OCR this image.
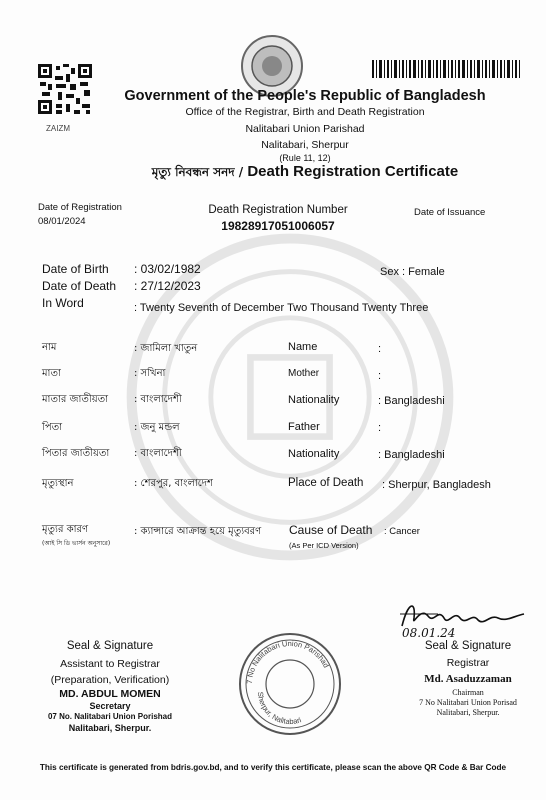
ZAIZM
Government of the People's Republic of Bangladesh
Office of the Registrar, Birth and Death Registration
Nalitabari Union Parishad
Nalitabari, Sherpur
(Rule 11, 12)
মৃত্যু নিবন্ধন সনদ / Death Registration Certificate
Date of Registration
08/01/2024
Death Registration Number
19828917051006057
Date of Issuance
Date of Birth : 03/02/1982	Sex : Female
Date of Death : 27/12/2023
In Word	: Twenty Seventh of December Two Thousand Twenty Three
নাম	: জামিলা খাতুন	Name	:
মাতা	: সখিনা	Mother	:
মাতার জাতীয়তা	: বাংলাদেশী	Nationality	: Bangladeshi
পিতা	: জনু মন্ডল	Father	:
পিতার জাতীয়তা : বাংলাদেশী	Nationality	: Bangladeshi
মৃত্যুস্থান	: শেরপুর, বাংলাদেশ	Place of Death : Sherpur, Bangladesh
মৃত্যুর কারণ
(আই সি ডি ভার্সন অনুসারে)
: ক্যান্সারে আক্রান্ত হয়ে মৃত্যুবরণ Cause of Death
(As Per ICD Version)
: Cancer
08.01.24
Seal & Signature
Assistant to Registrar
(Preparation, Verification)
MD. ABDUL MOMEN
Secretary
07 No. Nalitabari Union Porishad
Nalitabari, Sherpur.
7 No Nalitabari Union Parishad
Sherpur, Nalitabari
Seal & Signature
Registrar
Md. Asaduzzaman
Chairman
7 No Nalitabari Union Porisad
Nalitabari, Sherpur.
This certificate is generated from bdris.gov.bd, and to verify this certificate, please scan the above QR Code & Bar Code
